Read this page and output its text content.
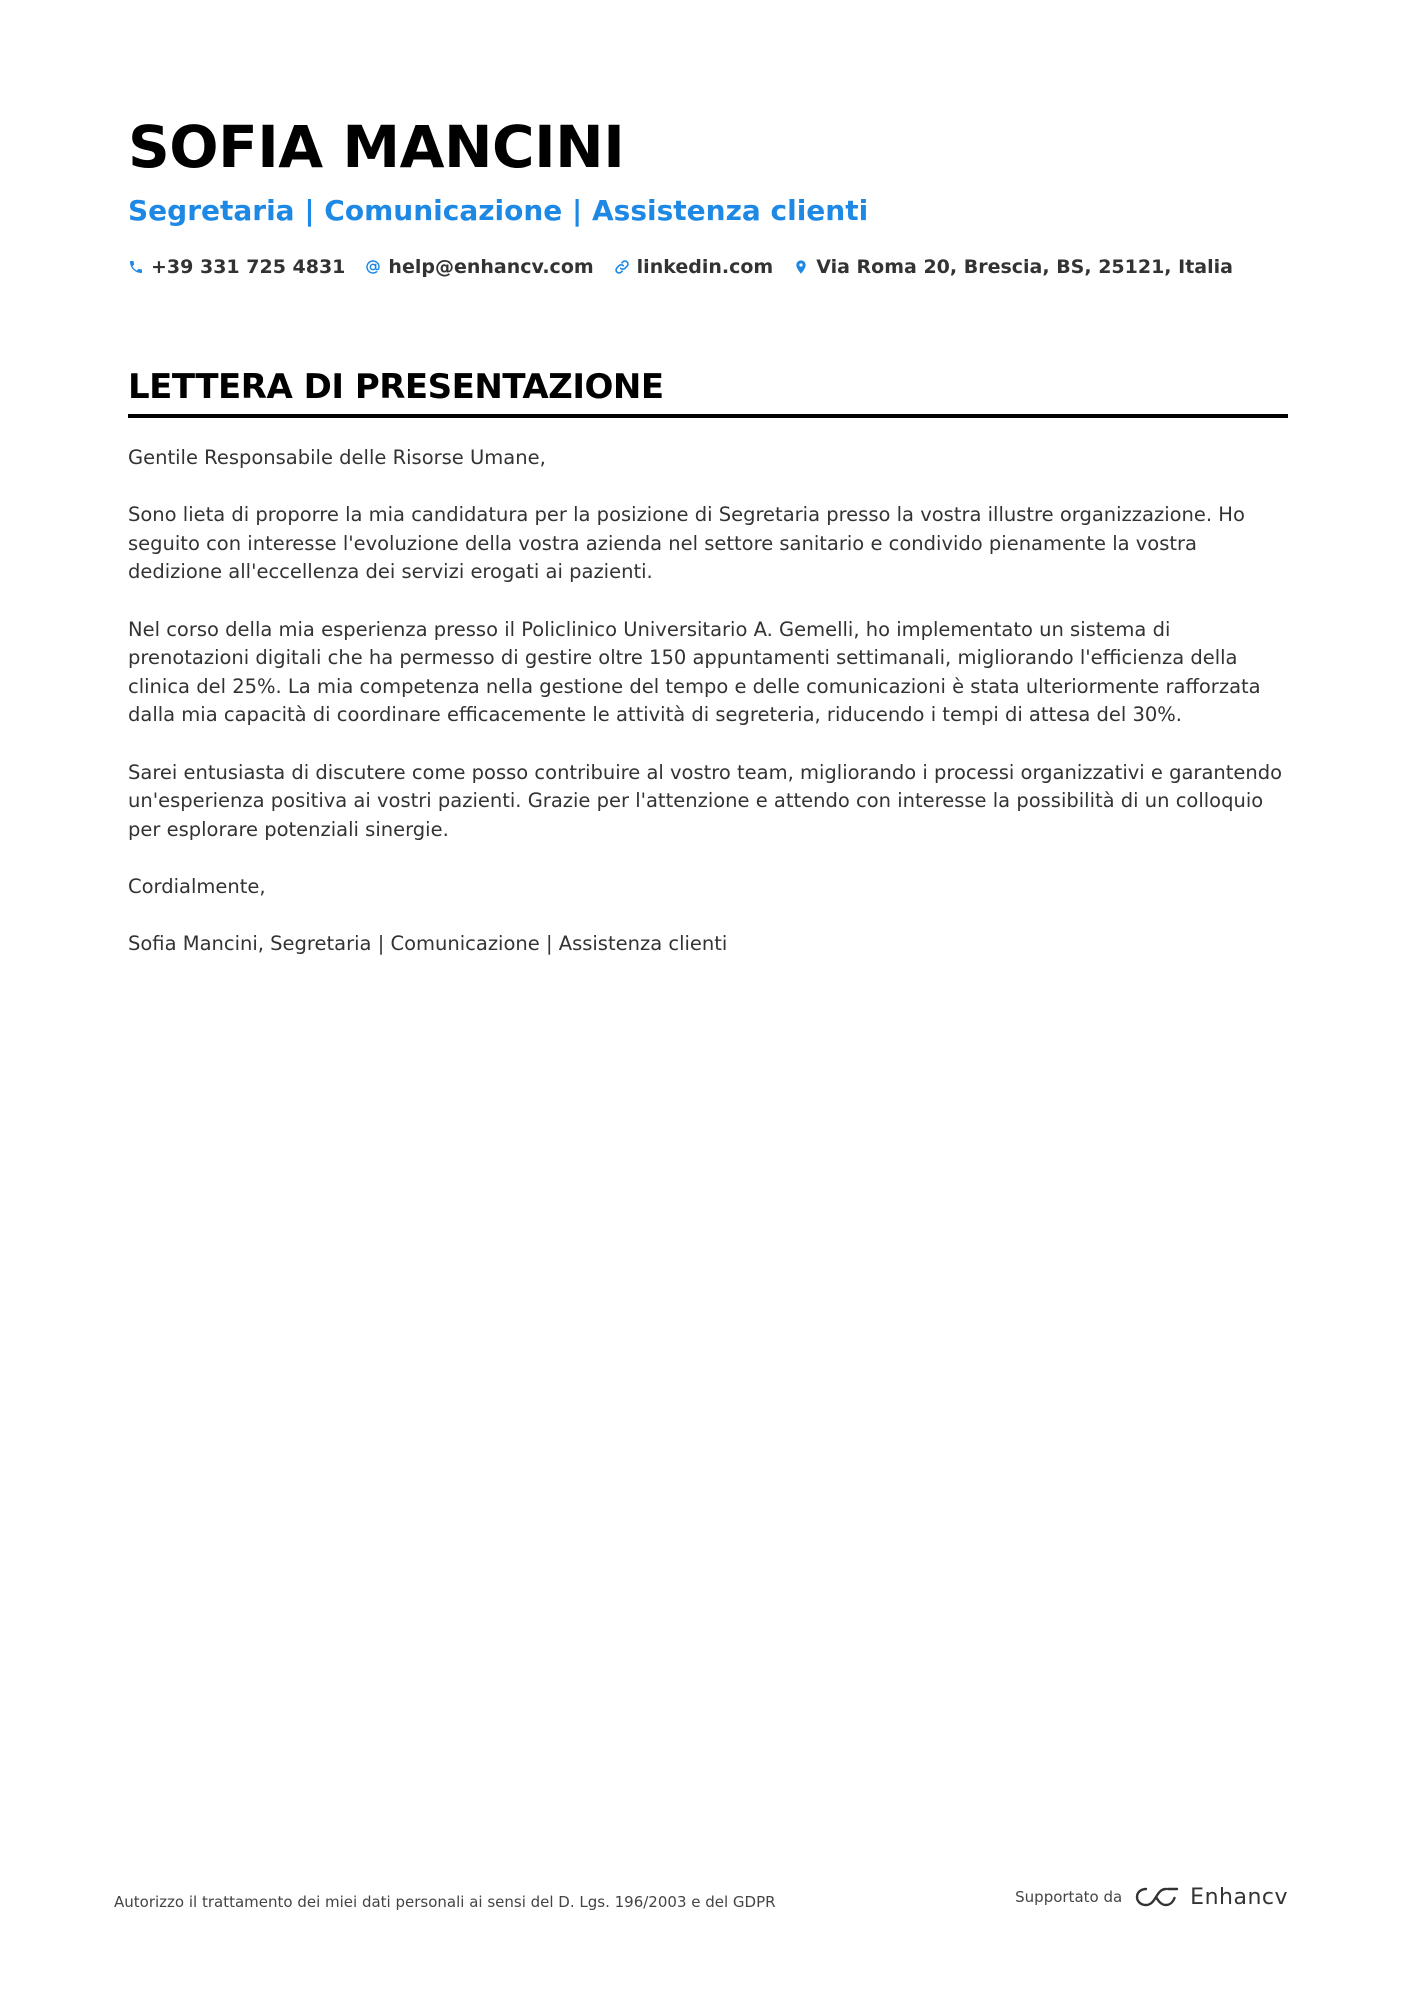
SOFIA MANCINI
Segretaria | Comunicazione | Assistenza clienti
+39 331 725 4831 help@enhancv.com linkedin.com Via Roma 20, Brescia, BS, 25121, Italia
LETTERA DI PRESENTAZIONE

Gentile Responsabile delle Risorse Umane,

Sono lieta di proporre la mia candidatura per la posizione di Segretaria presso la vostra illustre organizzazione. Ho seguito con interesse l'evoluzione della vostra azienda nel settore sanitario e condivido pienamente la vostra dedizione all'eccellenza dei servizi erogati ai pazienti.

Nel corso della mia esperienza presso il Policlinico Universitario A. Gemelli, ho implementato un sistema di prenotazioni digitali che ha permesso di gestire oltre 150 appuntamenti settimanali, migliorando l'efficienza della clinica del 25%. La mia competenza nella gestione del tempo e delle comunicazioni è stata ulteriormente rafforzata dalla mia capacità di coordinare efficacemente le attività di segreteria, riducendo i tempi di attesa del 30%.

Sarei entusiasta di discutere come posso contribuire al vostro team, migliorando i processi organizzativi e garantendo un'esperienza positiva ai vostri pazienti. Grazie per l'attenzione e attendo con interesse la possibilità di un colloquio per esplorare potenziali sinergie.

Cordialmente,

Sofia Mancini, Segretaria | Comunicazione | Assistenza clienti

Autorizzo il trattamento dei miei dati personali ai sensi del D. Lgs. 196/2003 e del GDPR	Supportato da	Enhancv
